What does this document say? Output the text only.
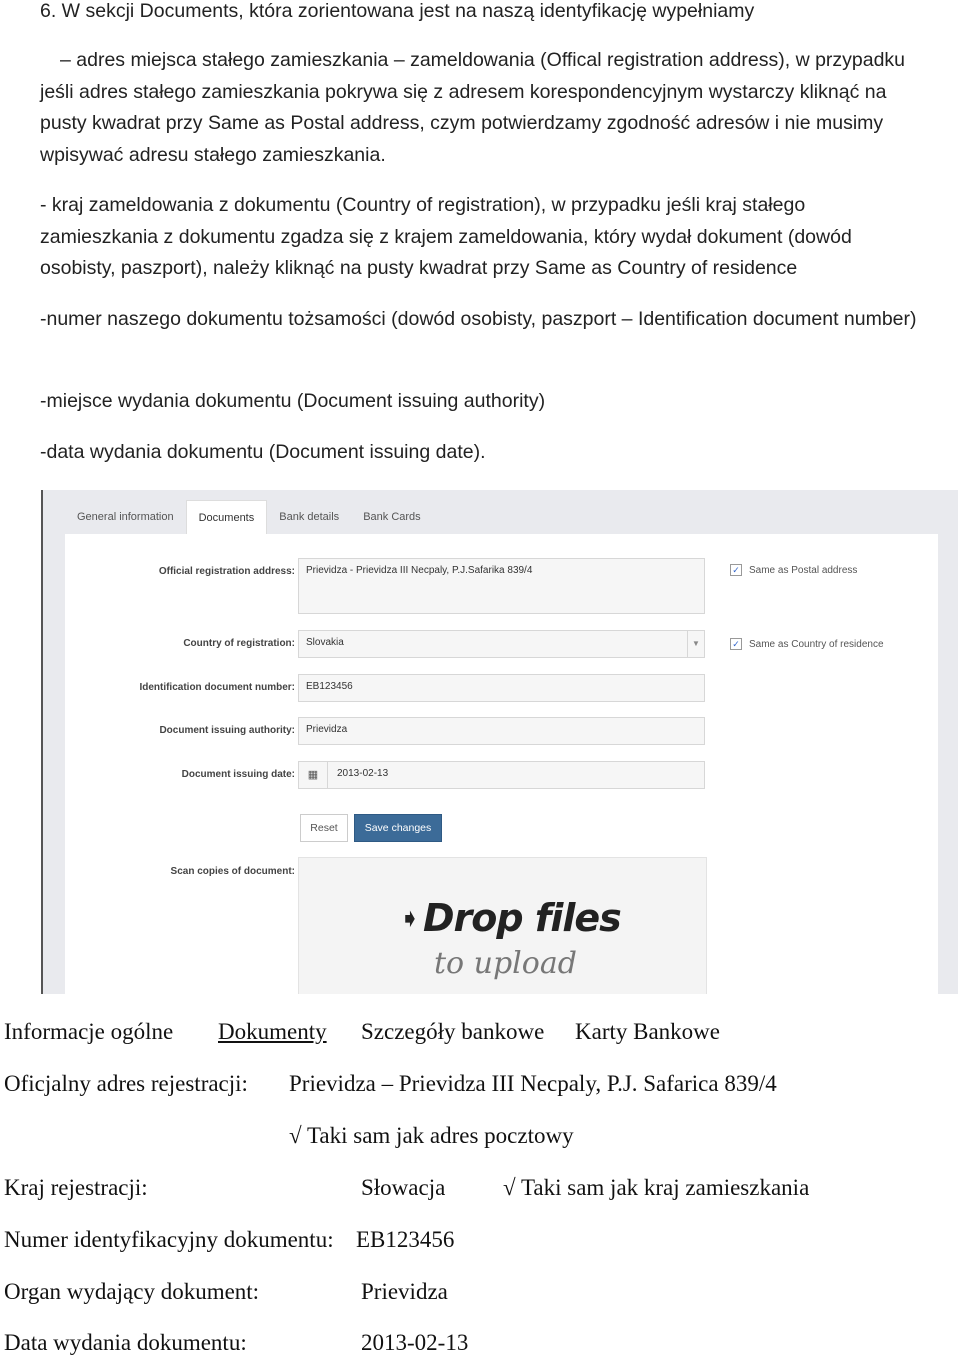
6. W sekcji Documents, która zorientowana jest na naszą identyfikację wypełniamy

– adres miejsca stałego zamieszkania – zameldowania (Offical registration address), w przypadku jeśli adres stałego zamieszkania pokrywa się z adresem korespondencyjnym wystarczy kliknąć na pusty kwadrat przy Same as Postal address, czym potwierdzamy zgodność adresów i nie musimy wpisywać adresu stałego zamieszkania.

- kraj zameldowania z dokumentu (Country of registration), w przypadku jeśli kraj stałego zamieszkania z dokumentu zgadza się z krajem zameldowania, który wydał dokument (dowód osobisty, paszport), należy kliknąć na pusty kwadrat przy Same as Country of residence

-numer naszego dokumentu tożsamości (dowód osobisty, paszport – Identification document number)

-miejsce wydania dokumentu (Document issuing authority)

-data wydania dokumentu (Document issuing date).

General information	Documents	Bank details	Bank Cards
Official registration address:	Prievidza - Prievidza III Necpaly, P.J.Safarika 839/4	✓ Same as Postal address
Country of registration:	Slovakia	▼	✓ Same as Country of residence
Identification document number:	EB123456
Document issuing authority:	Prievidza
Document issuing date:	▦	2013-02-13
Reset	Save changes
Scan copies of document:
➧ Drop files
to upload
Informacje ogólne Dokumenty Szczegóły bankowe Karty Bankowe
Oficjalny adres rejestracji: Prievidza – Prievidza III Necpaly, P.J. Safarica 839/4
√ Taki sam jak adres pocztowy
Kraj rejestracji:	Słowacja	√ Taki sam jak kraj zamieszkania
Numer identyfikacyjny dokumentu: EB123456
Organ wydający dokument:	Prievidza
Data wydania dokumentu:	2013-02-13
